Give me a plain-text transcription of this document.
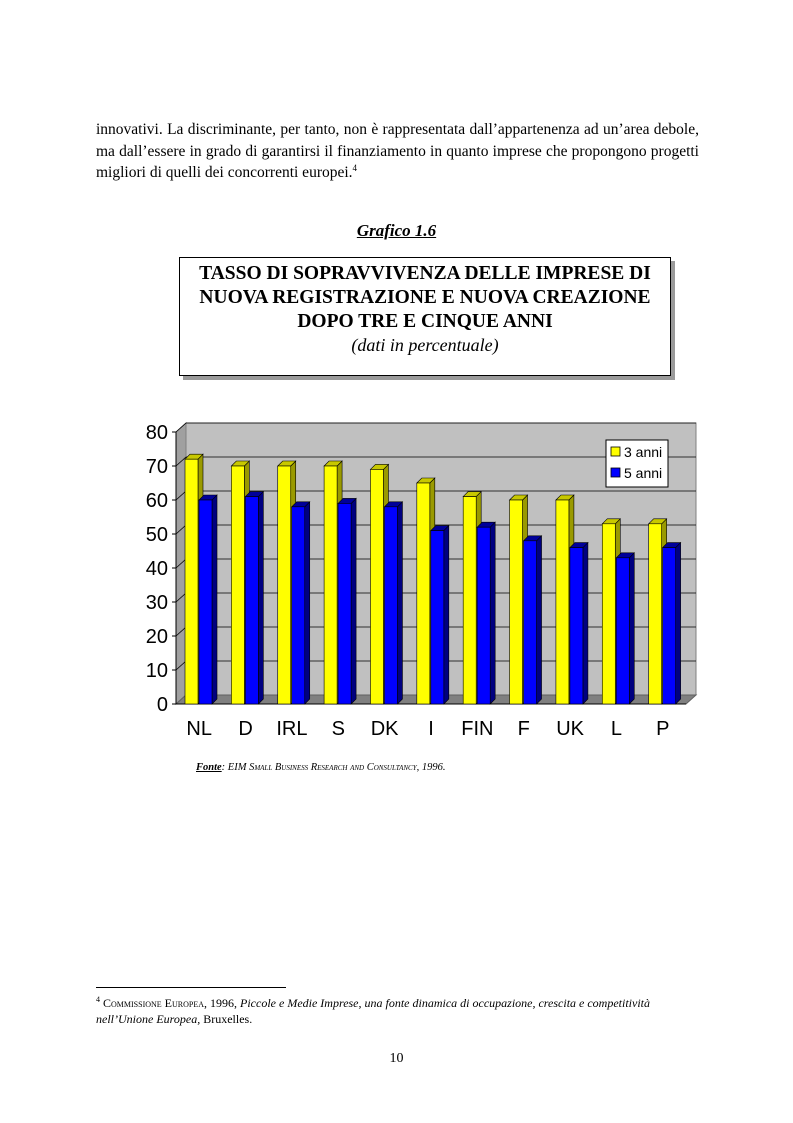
innovativi. La discriminante, per tanto, non è rappresentata dall’appartenenza ad un’area debole, ma dall’essere in grado di garantirsi il finanziamento in quanto imprese che propongono progetti migliori di quelli dei concorrenti europei.$^4$

Grafico 1.6
TASSO DI SOPRAVVIVENZA DELLE IMPRESE DI NUOVA REGISTRAZIONE E NUOVA CREAZIONE DOPO TRE E CINQUE ANNI
(dati in percentuale)
0
10
20
30
40
50
60
70
80
NL D IRL S DK I FIN F UK L P
3 anni
5 anni
Fonte: EIM Small Business Research and Consultancy, 1996.

$^4$ Commissione Europea, 1996, Piccole e Medie Imprese, una fonte dinamica di occupazione, crescita e competitività nell’Unione Europea, Bruxelles.

10
